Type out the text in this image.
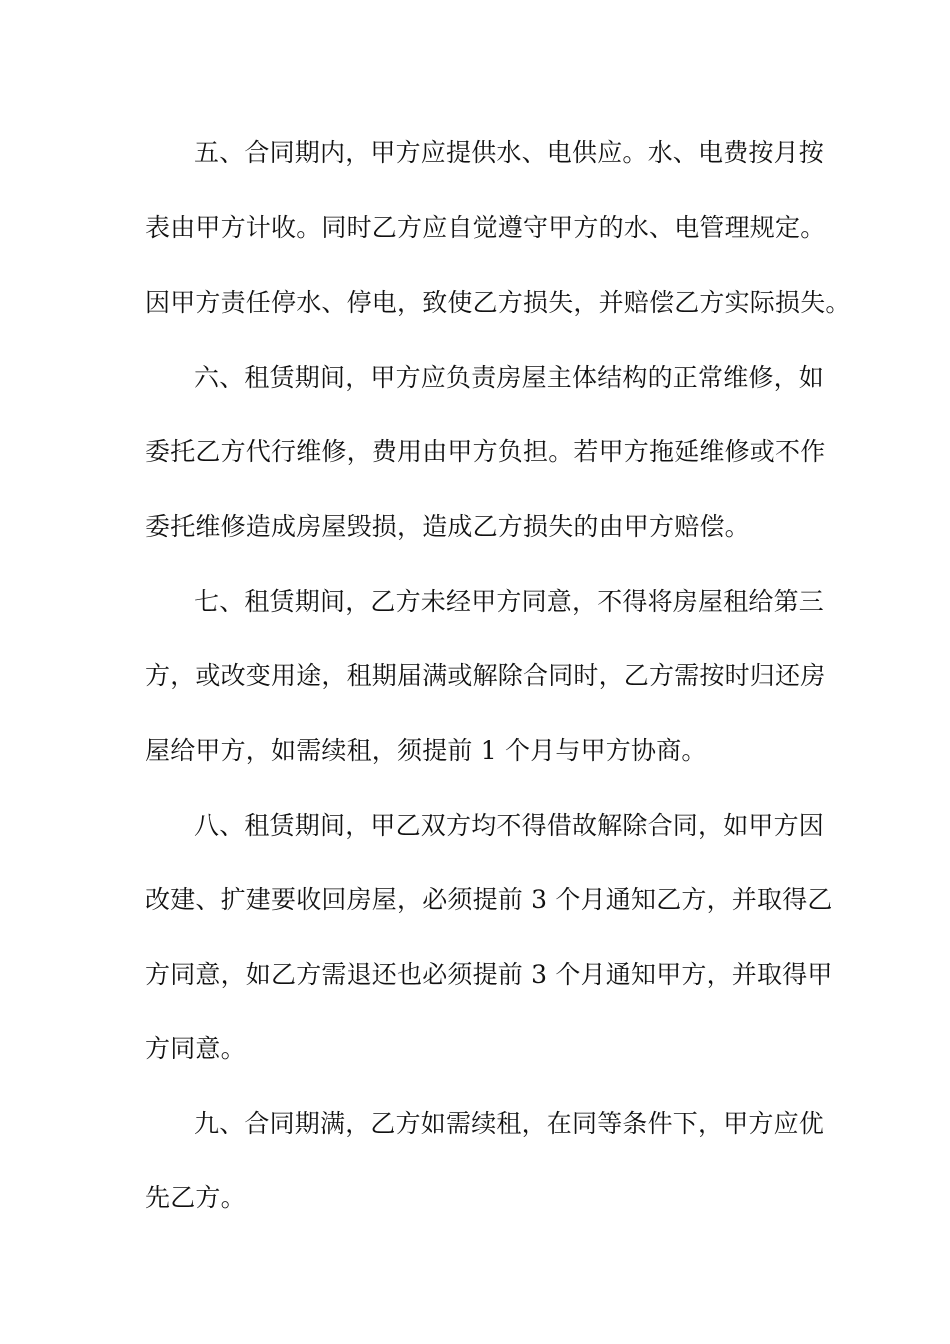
五、合同期内，甲方应提供水、电供应。水、电费按月按
表由甲方计收。同时乙方应自觉遵守甲方的水、电管理规定。
因甲方责任停水、停电，致使乙方损失，并赔偿乙方实际损失。
六、租赁期间，甲方应负责房屋主体结构的正常维修，如
委托乙方代行维修，费用由甲方负担。若甲方拖延维修或不作
委托维修造成房屋毁损，造成乙方损失的由甲方赔偿。
七、租赁期间，乙方未经甲方同意，不得将房屋租给第三
方，或改变用途，租期届满或解除合同时，乙方需按时归还房
屋给甲方，如需续租，须提前 1 个月与甲方协商。
八、租赁期间，甲乙双方均不得借故解除合同，如甲方因
改建、扩建要收回房屋，必须提前 3 个月通知乙方，并取得乙
方同意，如乙方需退还也必须提前 3 个月通知甲方，并取得甲
方同意。
九、合同期满，乙方如需续租，在同等条件下，甲方应优
先乙方。
